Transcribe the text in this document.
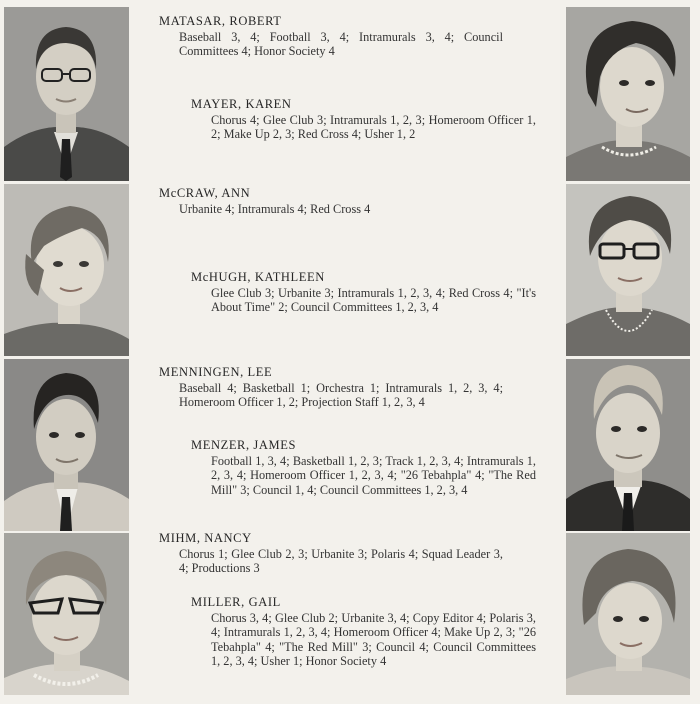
MATASAR, ROBERT
Baseball 3, 4; Football 3, 4; Intramurals 3, 4; Council Committees 4; Honor Society 4
MAYER, KAREN
Chorus 4; Glee Club 3; Intramurals 1, 2, 3; Homeroom Officer 1, 2; Make Up 2, 3; Red Cross 4; Usher 1, 2
McCRAW, ANN
Urbanite 4; Intramurals 4; Red Cross 4
McHUGH, KATHLEEN
Glee Club 3; Urbanite 3; Intramurals 1, 2, 3, 4; Red Cross 4; "It's About Time" 2; Council Committees 1, 2, 3, 4
MENNINGEN, LEE
Baseball 4; Basketball 1; Orchestra 1; Intramurals 1, 2, 3, 4; Homeroom Officer 1, 2; Projection Staff 1, 2, 3, 4
MENZER, JAMES
Football 1, 3, 4; Basketball 1, 2, 3; Track 1, 2, 3, 4; Intramurals 1, 2, 3, 4; Homeroom Officer 1, 2, 3, 4; "26 Tebahpla" 4; "The Red Mill" 3; Council 1, 4; Council Committees 1, 2, 3, 4
MIHM, NANCY
Chorus 1; Glee Club 2, 3; Urbanite 3; Polaris 4; Squad Leader 3, 4; Productions 3
MILLER, GAIL
Chorus 3, 4; Glee Club 2; Urbanite 3, 4; Copy Editor 4; Polaris 3, 4; Intramurals 1, 2, 3, 4; Homeroom Officer 4; Make Up 2, 3; "26 Tebahpla" 4; "The Red Mill" 3; Council 4; Council Committees 1, 2, 3, 4; Usher 1; Honor Society 4
